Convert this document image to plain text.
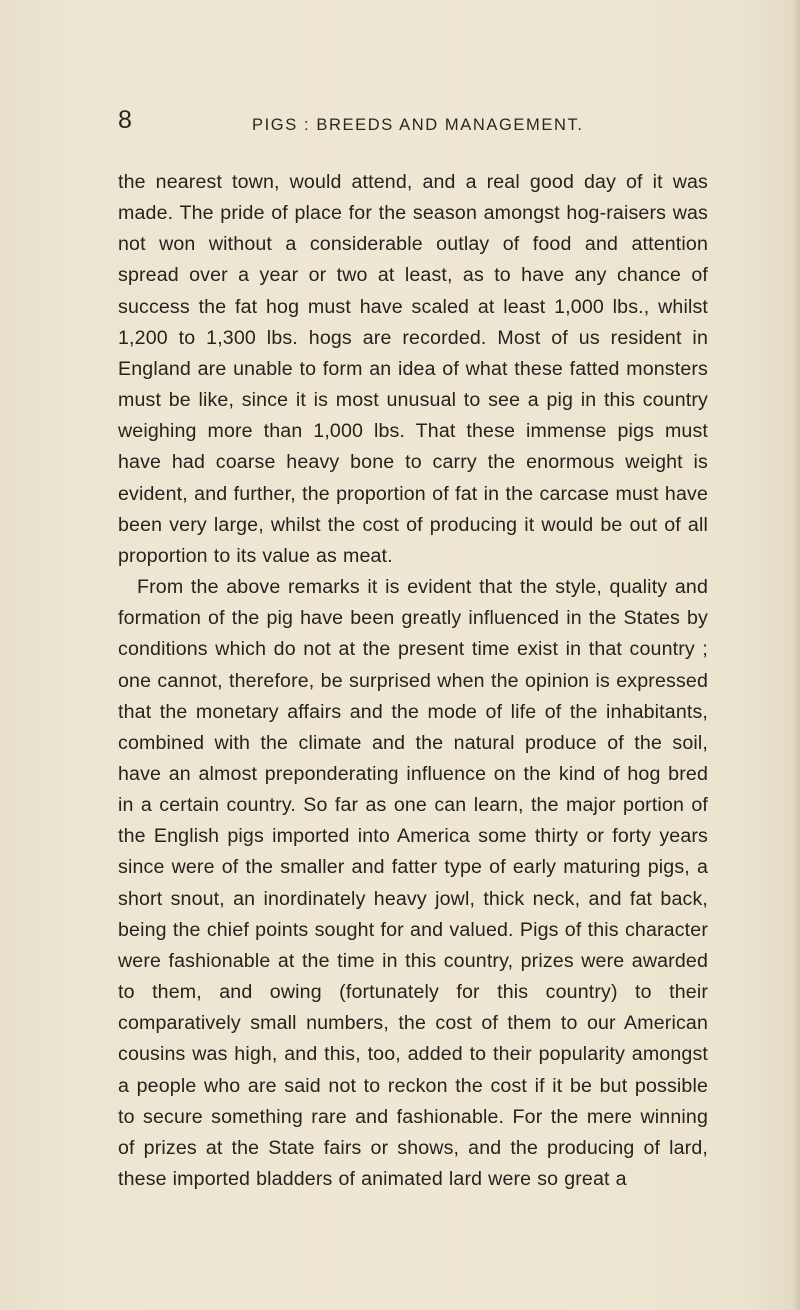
8	PIGS : BREEDS AND MANAGEMENT.

the nearest town, would attend, and a real good day of it was made. The pride of place for the season amongst hog-raisers was not won without a considerable outlay of food and attention spread over a year or two at least, as to have any chance of success the fat hog must have scaled at least 1,000 lbs., whilst 1,200 to 1,300 lbs. hogs are recorded. Most of us resident in England are unable to form an idea of what these fatted monsters must be like, since it is most unusual to see a pig in this country weighing more than 1,000 lbs. That these immense pigs must have had coarse heavy bone to carry the enormous weight is evident, and further, the proportion of fat in the carcase must have been very large, whilst the cost of producing it would be out of all proportion to its value as meat.

From the above remarks it is evident that the style, quality and formation of the pig have been greatly influenced in the States by conditions which do not at the present time exist in that country ; one cannot, therefore, be surprised when the opinion is expressed that the monetary affairs and the mode of life of the inhabitants, combined with the climate and the natural produce of the soil, have an almost preponderating influence on the kind of hog bred in a certain country. So far as one can learn, the major portion of the English pigs imported into America some thirty or forty years since were of the smaller and fatter type of early maturing pigs, a short snout, an inordinately heavy jowl, thick neck, and fat back, being the chief points sought for and valued. Pigs of this character were fashionable at the time in this country, prizes were awarded to them, and owing (fortunately for this country) to their comparatively small numbers, the cost of them to our American cousins was high, and this, too, added to their popularity amongst a people who are said not to reckon the cost if it be but possible to secure something rare and fashionable. For the mere winning of prizes at the State fairs or shows, and the producing of lard, these imported bladders of animated lard were so great a
